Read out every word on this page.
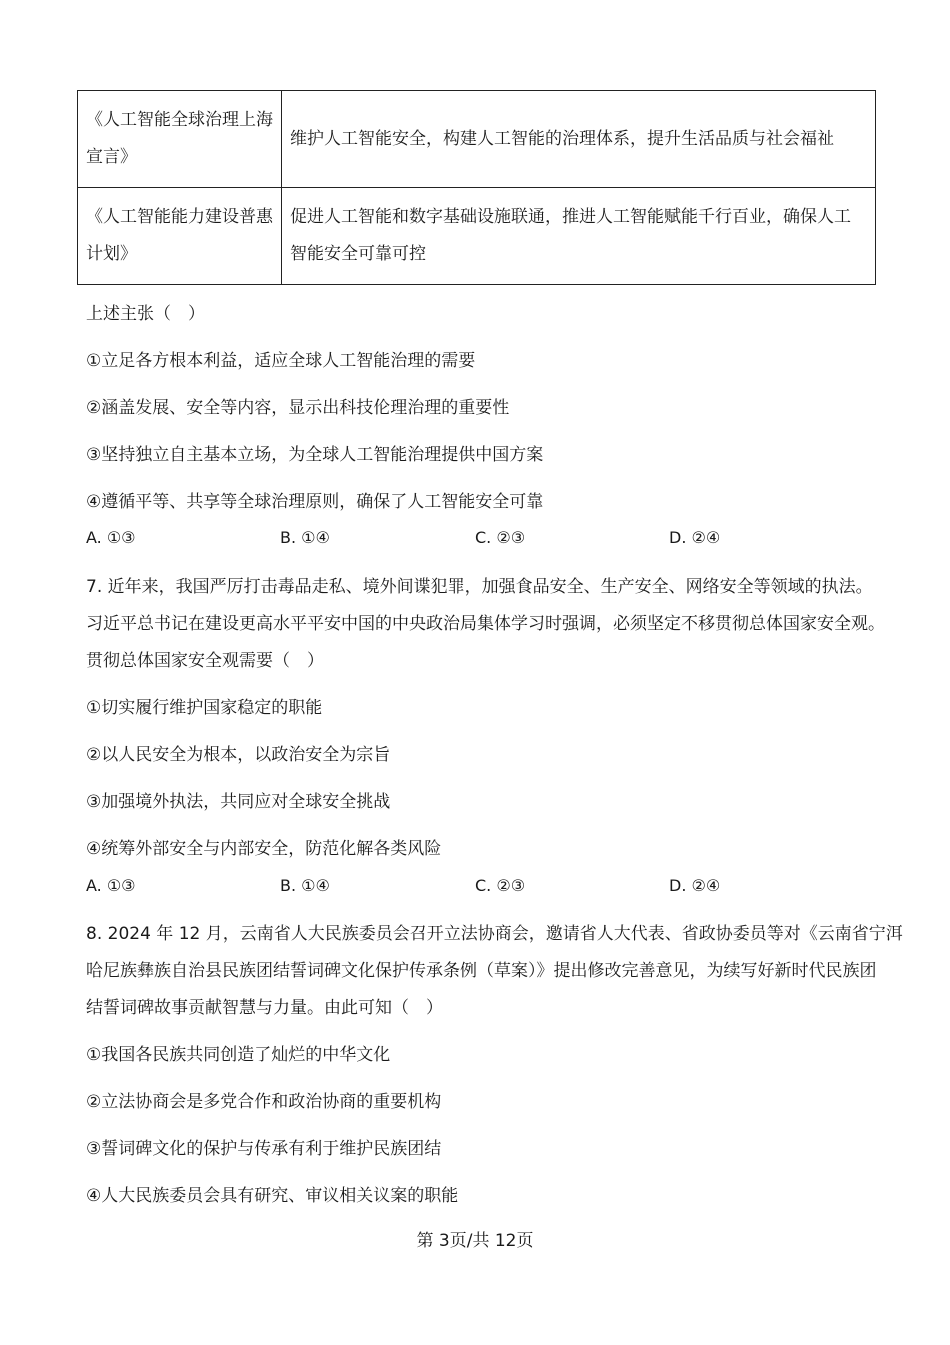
《人工智能全球治理上海宣言》	维护人工智能安全，构建人工智能的治理体系，提升生活品质与社会福祉
《人工智能能力建设普惠计划》	促进人工智能和数字基础设施联通，推进人工智能赋能千行百业，确保人工智能安全可靠可控
上述主张（　）
①立足各方根本利益，适应全球人工智能治理的需要
②涵盖发展、安全等内容，显示出科技伦理治理的重要性
③坚持独立自主基本立场，为全球人工智能治理提供中国方案
④遵循平等、共享等全球治理原则，确保了人工智能安全可靠
A. ①③	B. ①④	C. ②③	D. ②④
7. 近年来，我国严厉打击毒品走私、境外间谍犯罪，加强食品安全、生产安全、网络安全等领域的执法。
习近平总书记在建设更高水平平安中国的中央政治局集体学习时强调，必须坚定不移贯彻总体国家安全观。
贯彻总体国家安全观需要（　）
①切实履行维护国家稳定的职能
②以人民安全为根本，以政治安全为宗旨
③加强境外执法，共同应对全球安全挑战
④统筹外部安全与内部安全，防范化解各类风险
A. ①③	B. ①④	C. ②③	D. ②④
8. 2024 年 12 月，云南省人大民族委员会召开立法协商会，邀请省人大代表、省政协委员等对《云南省宁洱
哈尼族彝族自治县民族团结誓词碑文化保护传承条例（草案）》提出修改完善意见，为续写好新时代民族团
结誓词碑故事贡献智慧与力量。由此可知（　）
①我国各民族共同创造了灿烂的中华文化
②立法协商会是多党合作和政治协商的重要机构
③誓词碑文化的保护与传承有利于维护民族团结
④人大民族委员会具有研究、审议相关议案的职能
第 3页/共 12页
